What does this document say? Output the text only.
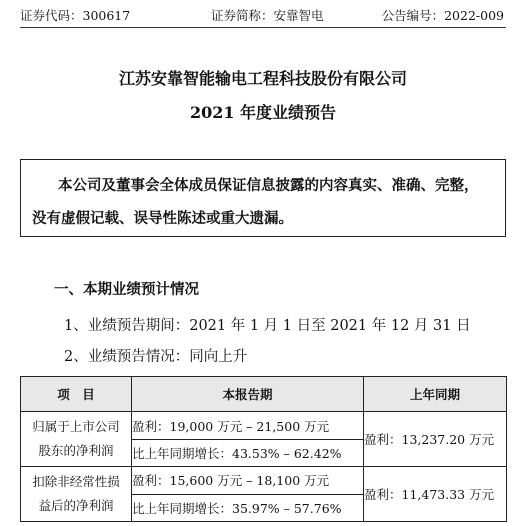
证券代码：300617	证券简称：安靠智电	公告编号：2022-009
江苏安靠智能输电工程科技股份有限公司
2021 年度业绩预告
本公司及董事会全体成员保证信息披露的内容真实、准确、完整，
没有虚假记载、误导性陈述或重大遗漏。
一、本期业绩预计情况
1、业绩预告期间：2021 年 1 月 1 日至 2021 年 12 月 31 日
2、业绩预告情况：同向上升
项　目	本报告期	上年同期

归属于上市公司
股东的净利润	盈利：19,000 万元 – 21,500 万元	盈利：13,237.20 万元
	比上年同期增长：43.53% – 62.42%	

扣除非经常性损
益后的净利润	盈利：15,600 万元 – 18,100 万元	盈利：11,473.33 万元
	比上年同期增长：35.97% – 57.76%	
